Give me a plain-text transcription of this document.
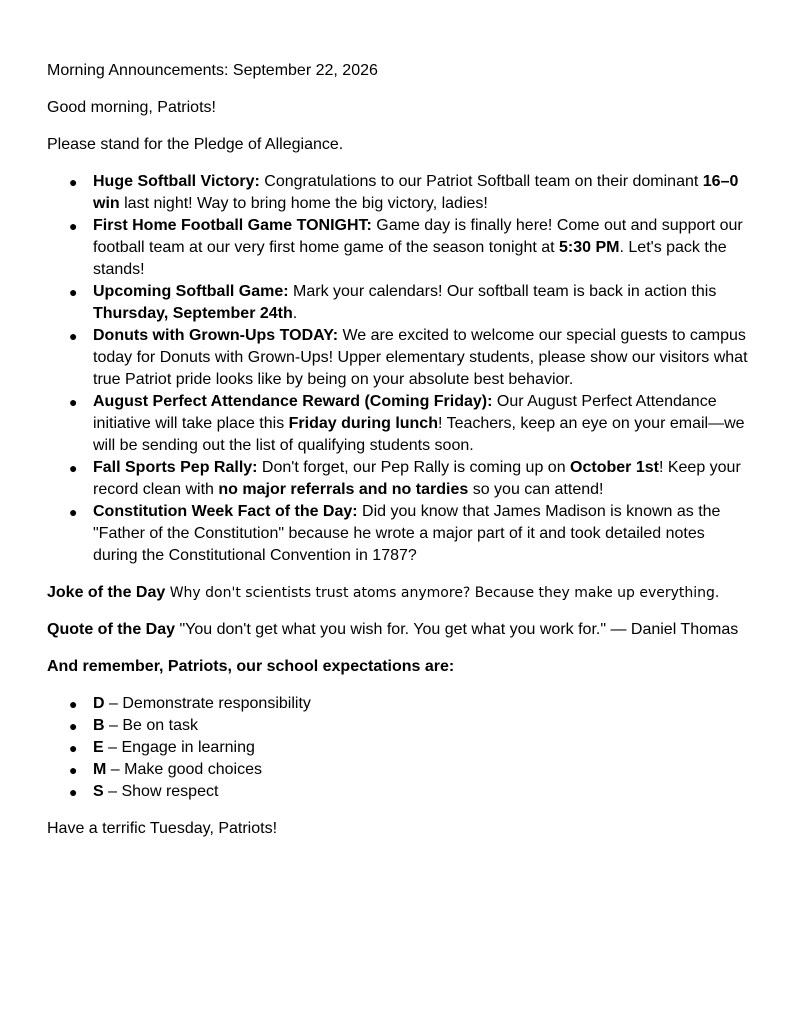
Morning Announcements: September 22, 2026

Good morning, Patriots!

Please stand for the Pledge of Allegiance.

● Huge Softball Victory: Congratulations to our Patriot Softball team on their dominant 16–0 win last night! Way to bring home the big victory, ladies!
● First Home Football Game TONIGHT: Game day is finally here! Come out and support our football team at our very first home game of the season tonight at 5:30 PM. Let's pack the stands!
● Upcoming Softball Game: Mark your calendars! Our softball team is back in action this Thursday, September 24th.
● Donuts with Grown-Ups TODAY: We are excited to welcome our special guests to campus today for Donuts with Grown-Ups! Upper elementary students, please show our visitors what true Patriot pride looks like by being on your absolute best behavior.
● August Perfect Attendance Reward (Coming Friday): Our August Perfect Attendance initiative will take place this Friday during lunch! Teachers, keep an eye on your email—we will be sending out the list of qualifying students soon.
● Fall Sports Pep Rally: Don't forget, our Pep Rally is coming up on October 1st! Keep your record clean with no major referrals and no tardies so you can attend!
● Constitution Week Fact of the Day: Did you know that James Madison is known as the "Father of the Constitution" because he wrote a major part of it and took detailed notes during the Constitutional Convention in 1787?

Joke of the Day Why don't scientists trust atoms anymore? Because they make up everything.

Quote of the Day "You don't get what you wish for. You get what you work for." — Daniel Thomas

And remember, Patriots, our school expectations are:

● D – Demonstrate responsibility
● B – Be on task
● E – Engage in learning
● M – Make good choices
● S – Show respect

Have a terrific Tuesday, Patriots!
